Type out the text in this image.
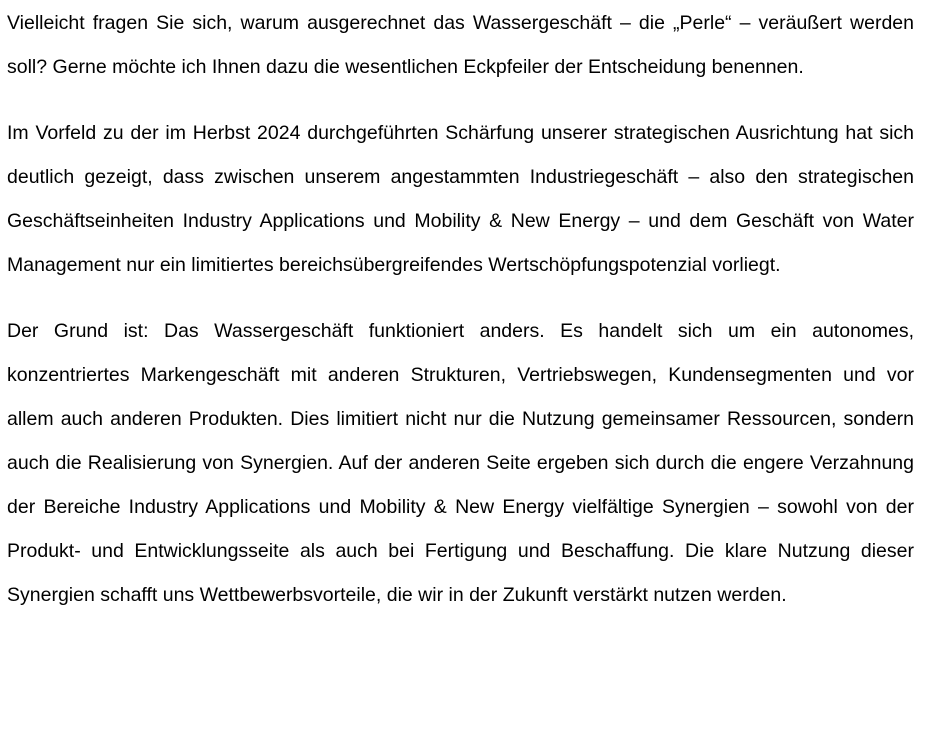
Vielleicht fragen Sie sich, warum ausgerechnet das Wassergeschäft – die „Perle“ – veräußert werden soll? Gerne möchte ich Ihnen dazu die wesentlichen Eckpfeiler der Entscheidung benennen.

Im Vorfeld zu der im Herbst 2024 durchgeführten Schärfung unserer strategischen Ausrichtung hat sich deutlich gezeigt, dass zwischen unserem angestammten Industriegeschäft – also den strategischen Geschäftseinheiten Industry Applications und Mobility & New Energy – und dem Geschäft von Water Management nur ein limitiertes bereichsübergreifendes Wertschöpfungspotenzial vorliegt.

Der Grund ist: Das Wassergeschäft funktioniert anders. Es handelt sich um ein autonomes, konzentriertes Markengeschäft mit anderen Strukturen, Vertriebswegen, Kundensegmenten und vor allem auch anderen Produkten. Dies limitiert nicht nur die Nutzung gemeinsamer Ressourcen, sondern auch die Realisierung von Synergien. Auf der anderen Seite ergeben sich durch die engere Verzahnung der Bereiche Industry Applications und Mobility & New Energy vielfältige Synergien – sowohl von der Produkt- und Entwicklungsseite als auch bei Fertigung und Beschaffung. Die klare Nutzung dieser Synergien schafft uns Wettbewerbsvorteile, die wir in der Zukunft verstärkt nutzen werden.
